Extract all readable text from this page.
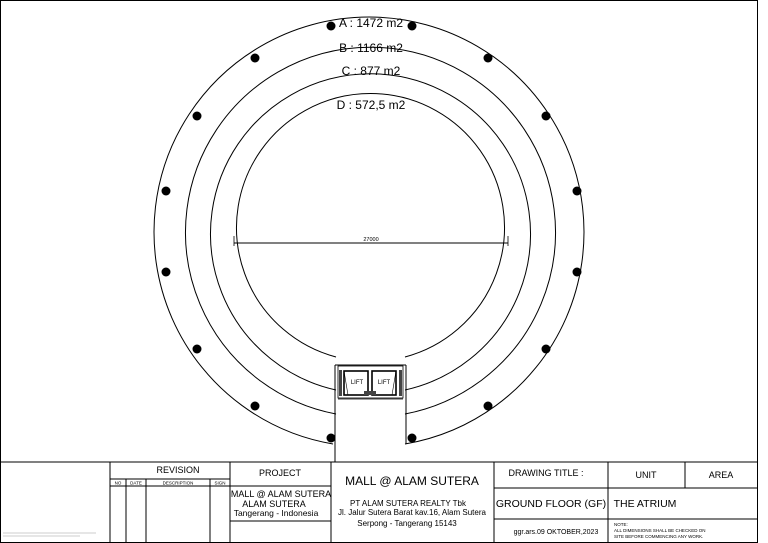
LIFT LIFT
27000
A : 1472 m2
B : 1166 m2
C : 877 m2
D : 572,5 m2
REVISION
NO DATE	DESCRIPTION	SIGN
PROJECT
MALL @ ALAM SUTERA
ALAM SUTERA
Tangerang - Indonesia
MALL @ ALAM SUTERA
PT ALAM SUTERA REALTY Tbk
Jl. Jalur Sutera Barat kav.16, Alam Sutera
Serpong - Tangerang 15143
DRAWING TITLE :
GROUND FLOOR (GF)
ggr.ars.09 OKTOBER,2023
UNIT
THE ATRIUM
AREA
NOTE:
ALL DIMENSIONS SHALL BE CHECKED ON
SITE BEFORE COMMENCING ANY WORK.
